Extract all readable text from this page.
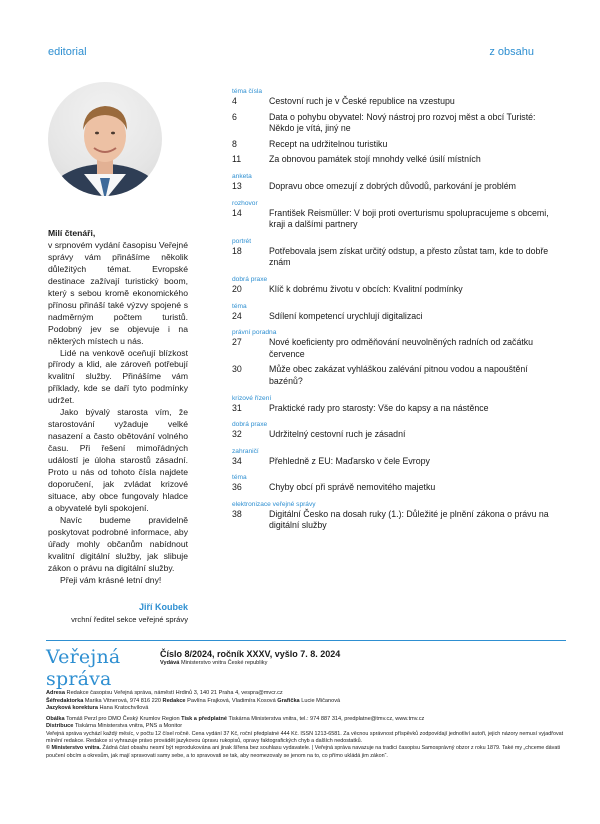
editorial	z obsahu
Milí čtenáři,

v srpnovém vydání časopisu Veřejné správy vám přinášíme několik důležitých témat. Evropské destinace zažívají turistický boom, který s sebou kromě ekonomického přínosu přináší také výzvy spojené s nadměrným počtem turistů. Podobný jev se objevuje i na některých místech u nás.

Lidé na venkově oceňují blízkost přírody a klid, ale zároveň potřebují kvalitní služby. Přinášíme vám příklady, kde se daří tyto podmínky udržet.

Jako bývalý starosta vím, že starostování vyžaduje velké nasazení a často obětování volného času. Při řešení mimořádných událostí je úloha starostů zásadní. Proto u nás od tohoto čísla najdete doporučení, jak zvládat krizové situace, aby obce fungovaly hladce a obyvatelé byli spokojení.

Navíc budeme pravidelně poskytovat podrobné informace, aby úřady mohly občanům nabídnout kvalitní digitální služby, jak slibuje zákon o právu na digitální služby.

Přeji vám krásné letní dny!

Jiří Koubek
vrchní ředitel sekce veřejné správy
téma čísla
4	Cestovní ruch je v České republice na vzestupu
6	Data o pohybu obyvatel: Nový nástroj pro rozvoj měst a obcí Turisté: Někdo je vítá, jiný ne
8	Recept na udržitelnou turistiku
11	Za obnovou památek stojí mnohdy velké úsilí místních
anketa
13	Dopravu obce omezují z dobrých důvodů, parkování je problém
rozhovor
14	František Reismüller: V boji proti overturismu spolupracujeme s obcemi, kraji a dalšími partnery
portrét
18	Potřebovala jsem získat určitý odstup, a přesto zůstat tam, kde to dobře znám
dobrá praxe
20	Klíč k dobrému životu v obcích: Kvalitní podmínky
téma
24	Sdílení kompetencí urychlují digitalizaci
právní poradna
27	Nové koeficienty pro odměňování neuvolněných radních od začátku července
30	Může obec zakázat vyhláškou zalévání pitnou vodou a napouštění bazénů?
krizové řízení
31	Praktické rady pro starosty: Vše do kapsy a na nástěnce
dobrá praxe
32	Udržitelný cestovní ruch je zásadní
zahraničí
34	Přehledně z EU: Maďarsko v čele Evropy
téma
36	Chyby obcí při správě nemovitého majetku
elektronizace veřejné správy
38	Digitální Česko na dosah ruky (1.): Důležité je plnění zákona o právu na digitální služby
Veřejná správa
Číslo 8/2024, ročník XXXV, vyšlo 7. 8. 2024
Vydává Ministerstvo vnitra České republiky
Adresa Redakce časopisu Veřejná správa, náměstí Hrdinů 3, 140 21 Praha 4, vespra@mvcr.cz
Šéfredaktorka Marika Vitnerová, 974 816 220 Redakce Pavlína Frajková, Vladimíra Kosová Grafička Lucie Mičanová
Jazyková korektura Hana Kratochvílová
Obálka Tomáš Perzl pro DMO Český Krumlov Region Tisk a předplatné Tiskárna Ministerstva vnitra, tel.: 974 887 314, predplatne@tmv.cz, www.tmv.cz
Distribuce Tiskárna Ministerstva vnitra, PNS a Monitor
Veřejná správa vychází každý měsíc, v počtu 12 čísel ročně. Cena vydání 37 Kč, roční předplatné 444 Kč. ISSN 1213-6581. Za věcnou správnost příspěvků zodpovídají jednotliví autoři, jejich názory nemusí vyjadřovat mínění redakce. Redakce si vyhrazuje právo provádět jazykovou úpravu rukopisů, opravy faktografických chyb a dalších nedostatků.
© Ministerstvo vnitra. Žádná část obsahu nesmí být reprodukována ani jinak šířena bez souhlasu vydavatele. | Veřejná správa navazuje na tradici časopisu Samosprávný obzor z roku 1879. Také my „chceme dávati poučení obcím a okresům, jak mají spravovati samy sebe, a to spravovati se tak, aby neomezovaly se jenom na to, co přímo ukládá jim zákon“.
